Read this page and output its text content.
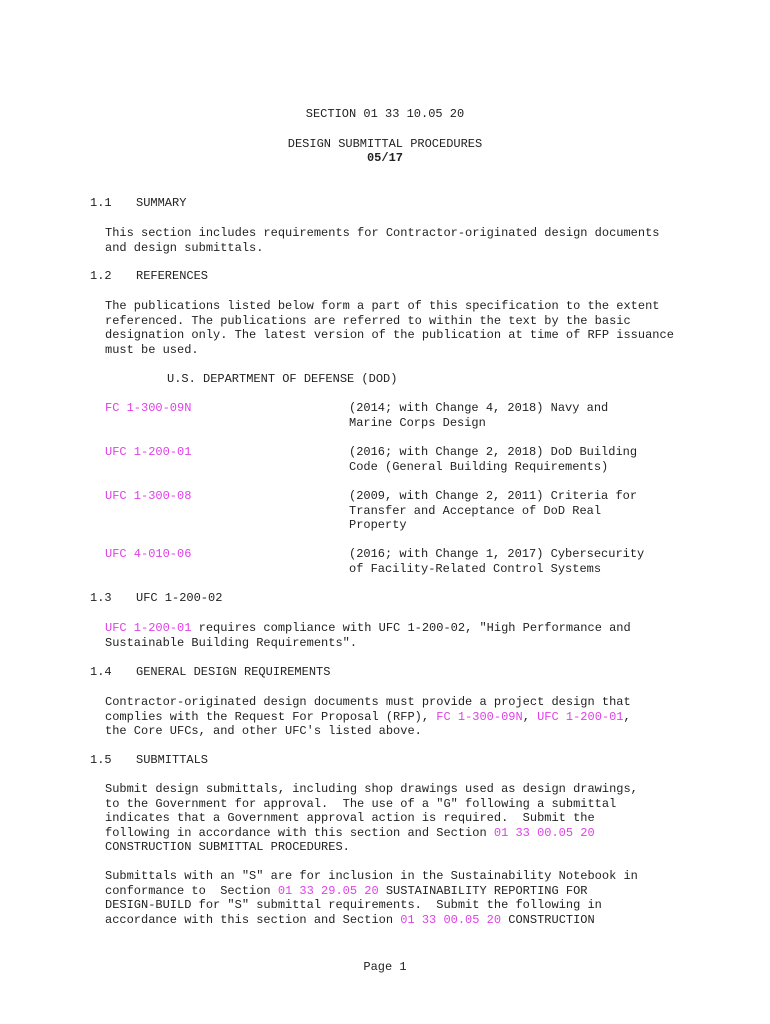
SECTION 01 33 10.05 20
DESIGN SUBMITTAL PROCEDURES
05/17
1.1 SUMMARY
This section includes requirements for Contractor-originated design documents and design submittals.
1.2 REFERENCES
The publications listed below form a part of this specification to the extent referenced. The publications are referred to within the text by the basic designation only. The latest version of the publication at time of RFP issuance must be used.
U.S. DEPARTMENT OF DEFENSE (DOD)
FC 1-300-09N	(2014; with Change 4, 2018) Navy and
Marine Corps Design
UFC 1-200-01	(2016; with Change 2, 2018) DoD Building
Code (General Building Requirements)
UFC 1-300-08	(2009, with Change 2, 2011) Criteria for
Transfer and Acceptance of DoD Real
Property
UFC 4-010-06	(2016; with Change 1, 2017) Cybersecurity
of Facility-Related Control Systems
1.3 UFC 1-200-02
UFC 1-200-01 requires compliance with UFC 1-200-02, "High Performance and
Sustainable Building Requirements".
1.4 GENERAL DESIGN REQUIREMENTS
Contractor-originated design documents must provide a project design that
complies with the Request For Proposal (RFP), FC 1-300-09N, UFC 1-200-01,
the Core UFCs, and other UFC's listed above.
1.5 SUBMITTALS
Submit design submittals, including shop drawings used as design drawings,
to the Government for approval.  The use of a "G" following a submittal
indicates that a Government approval action is required.  Submit the
following in accordance with this section and Section 01 33 00.05 20
CONSTRUCTION SUBMITTAL PROCEDURES.
Submittals with an "S" are for inclusion in the Sustainability Notebook in
conformance to  Section 01 33 29.05 20 SUSTAINABILITY REPORTING FOR
DESIGN-BUILD for "S" submittal requirements.  Submit the following in
accordance with this section and Section 01 33 00.05 20 CONSTRUCTION
Page 1
